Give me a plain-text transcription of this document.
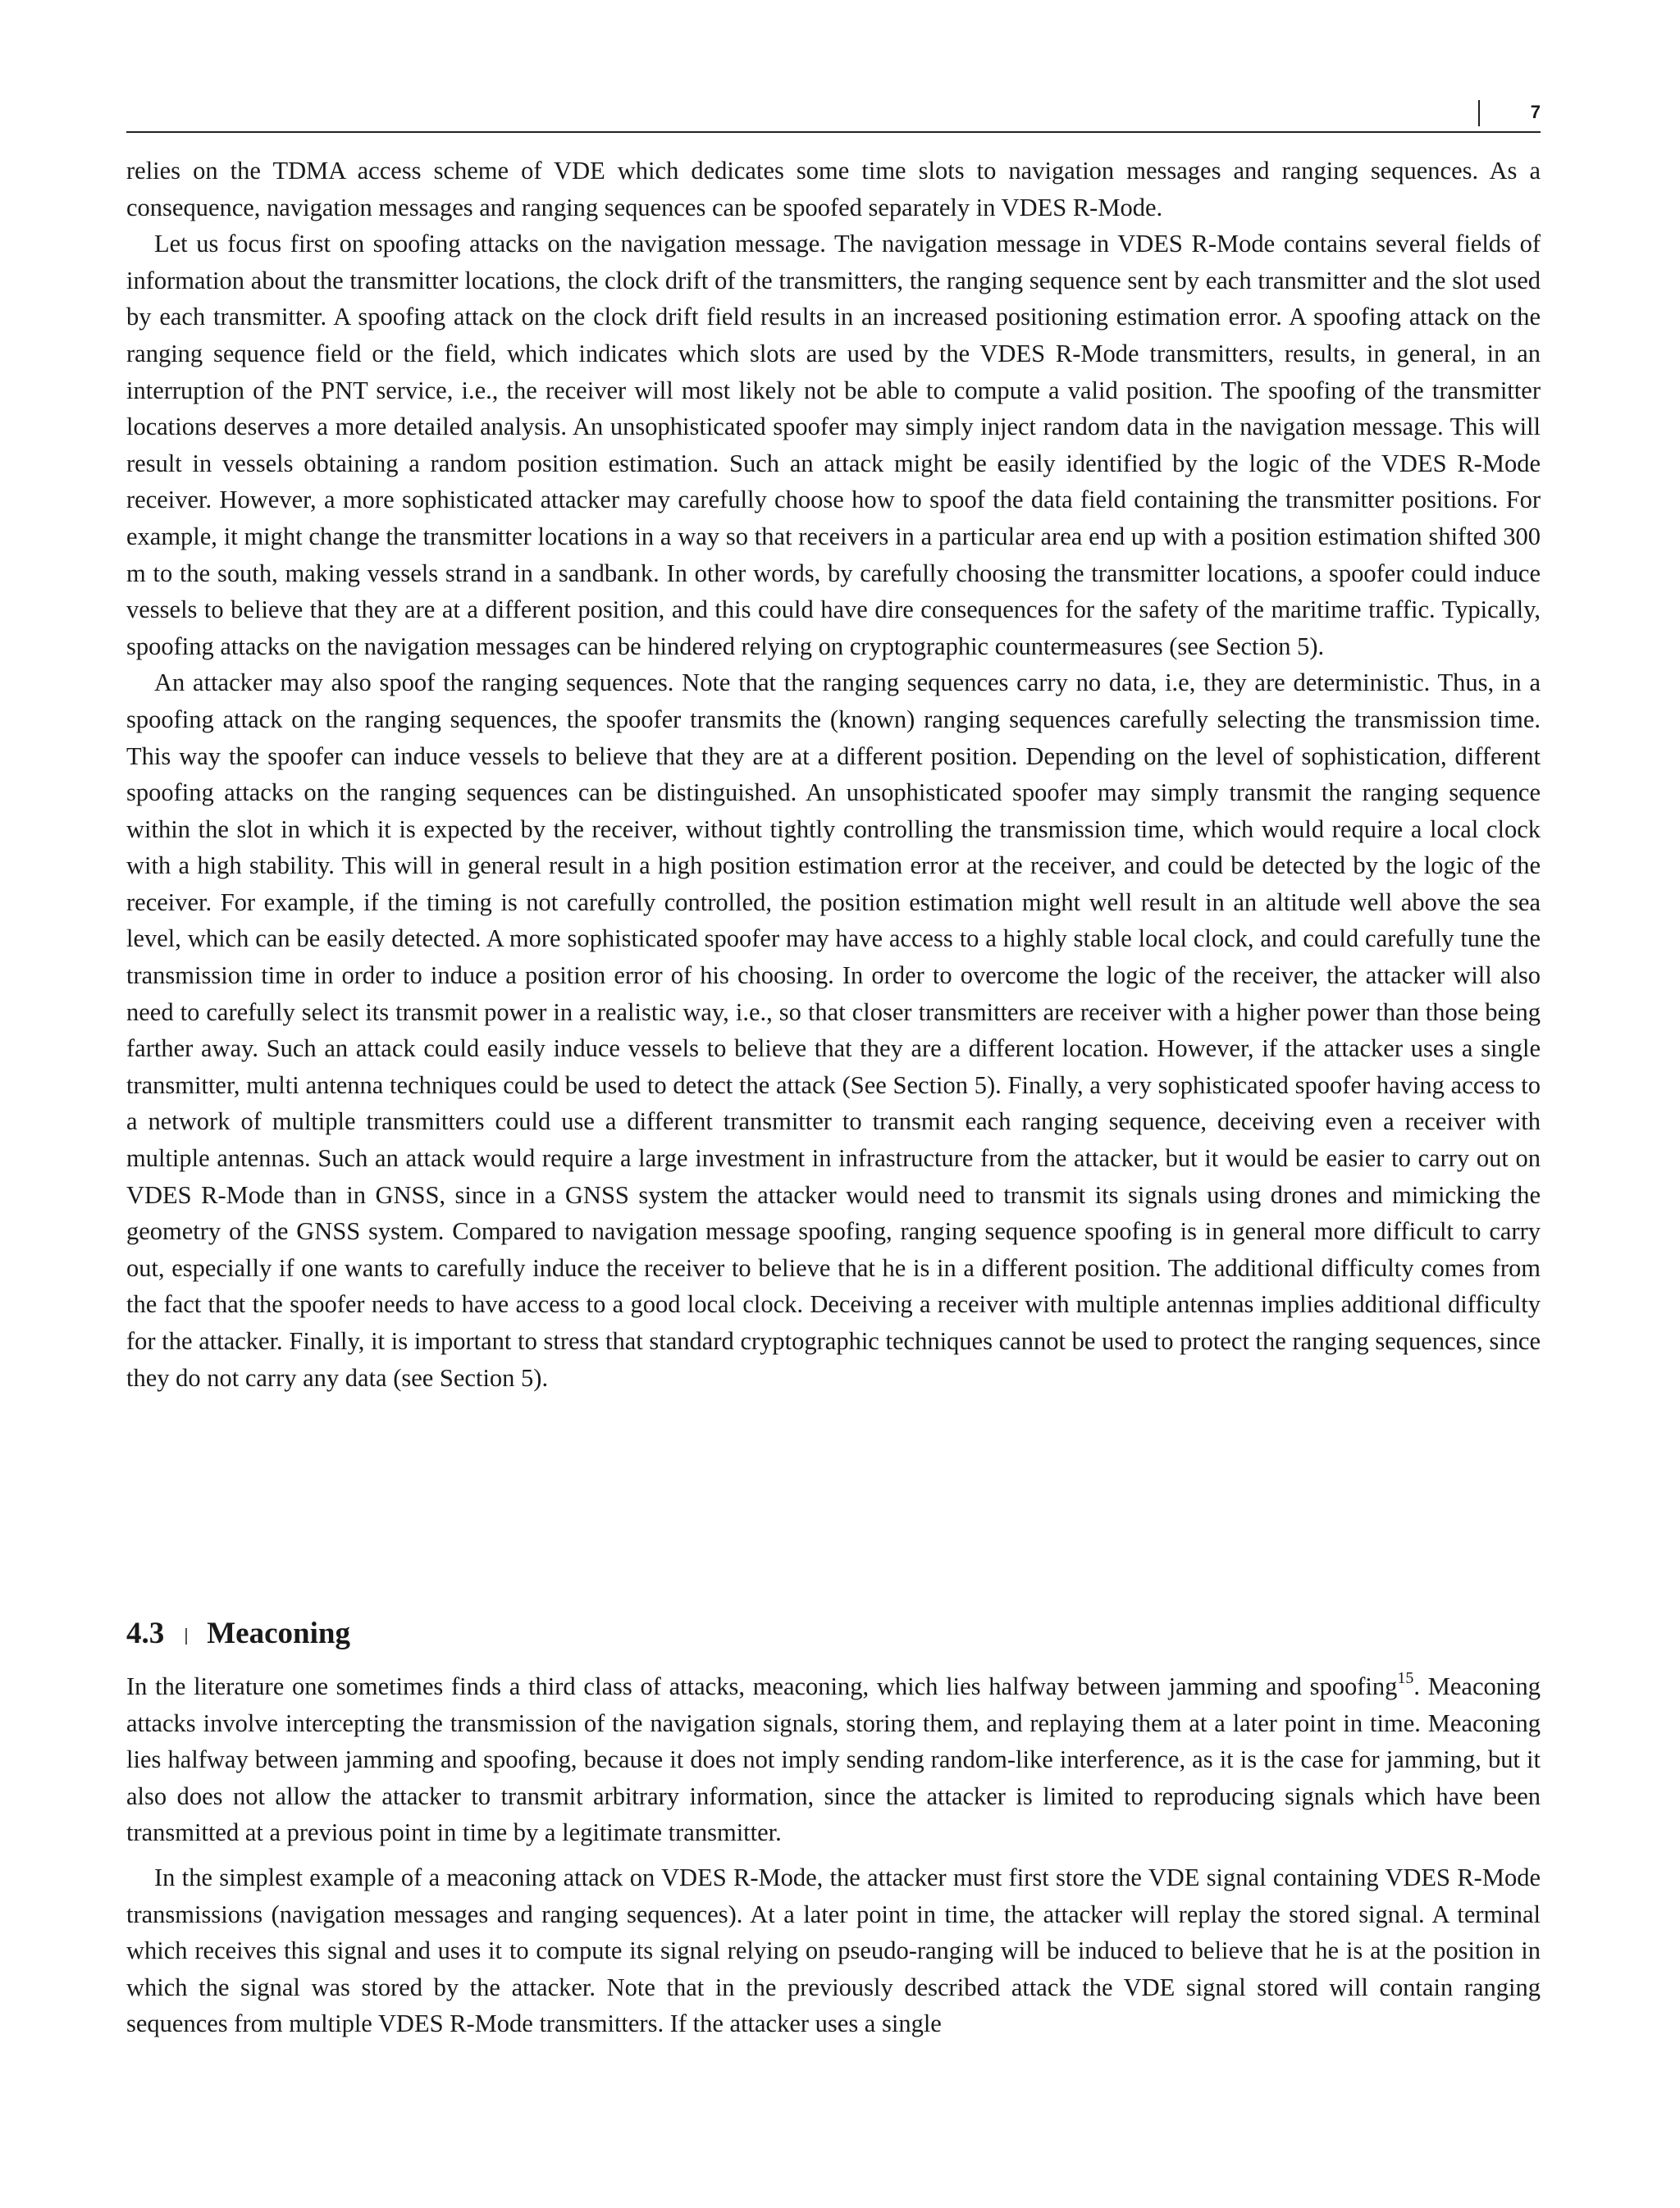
7

relies on the TDMA access scheme of VDE which dedicates some time slots to navigation messages and ranging sequences. As a consequence, navigation messages and ranging sequences can be spoofed separately in VDES R-Mode.

Let us focus first on spoofing attacks on the navigation message. The navigation message in VDES R-Mode contains several fields of information about the transmitter locations, the clock drift of the transmitters, the ranging sequence sent by each transmitter and the slot used by each transmitter. A spoofing attack on the clock drift field results in an increased positioning estimation error. A spoofing attack on the ranging sequence field or the field, which indicates which slots are used by the VDES R-Mode transmitters, results, in general, in an interruption of the PNT service, i.e., the receiver will most likely not be able to compute a valid position. The spoofing of the transmitter locations deserves a more detailed analysis. An unsophisticated spoofer may simply inject random data in the navigation message. This will result in vessels obtaining a random position estimation. Such an attack might be easily identified by the logic of the VDES R-Mode receiver. However, a more sophisticated attacker may carefully choose how to spoof the data field containing the transmitter positions. For example, it might change the transmitter locations in a way so that receivers in a particular area end up with a position estimation shifted 300 m to the south, making vessels strand in a sandbank. In other words, by carefully choosing the transmitter locations, a spoofer could induce vessels to believe that they are at a different position, and this could have dire consequences for the safety of the maritime traffic. Typically, spoofing attacks on the navigation messages can be hindered relying on cryptographic countermeasures (see Section 5).

An attacker may also spoof the ranging sequences. Note that the ranging sequences carry no data, i.e, they are deterministic. Thus, in a spoofing attack on the ranging sequences, the spoofer transmits the (known) ranging sequences carefully selecting the transmission time. This way the spoofer can induce vessels to believe that they are at a different position. Depending on the level of sophistication, different spoofing attacks on the ranging sequences can be distinguished. An unsophisticated spoofer may simply transmit the ranging sequence within the slot in which it is expected by the receiver, without tightly controlling the transmission time, which would require a local clock with a high stability. This will in general result in a high position estimation error at the receiver, and could be detected by the logic of the receiver. For example, if the timing is not carefully controlled, the position estimation might well result in an altitude well above the sea level, which can be easily detected. A more sophisticated spoofer may have access to a highly stable local clock, and could carefully tune the transmission time in order to induce a position error of his choosing. In order to overcome the logic of the receiver, the attacker will also need to carefully select its transmit power in a realistic way, i.e., so that closer transmitters are receiver with a higher power than those being farther away. Such an attack could easily induce vessels to believe that they are a different location. However, if the attacker uses a single transmitter, multi antenna techniques could be used to detect the attack (See Section 5). Finally, a very sophisticated spoofer having access to a network of multiple transmitters could use a different transmitter to transmit each ranging sequence, deceiving even a receiver with multiple antennas. Such an attack would require a large investment in infrastructure from the attacker, but it would be easier to carry out on VDES R-Mode than in GNSS, since in a GNSS system the attacker would need to transmit its signals using drones and mimicking the geometry of the GNSS system. Compared to navigation message spoofing, ranging sequence spoofing is in general more difficult to carry out, especially if one wants to carefully induce the receiver to believe that he is in a different position. The additional difficulty comes from the fact that the spoofer needs to have access to a good local clock. Deceiving a receiver with multiple antennas implies additional difficulty for the attacker. Finally, it is important to stress that standard cryptographic techniques cannot be used to protect the ranging sequences, since they do not carry any data (see Section 5).

4.3 Meaconing

In the literature one sometimes finds a third class of attacks, meaconing, which lies halfway between jamming and spoofing$^{15}$. Meaconing attacks involve intercepting the transmission of the navigation signals, storing them, and replaying them at a later point in time. Meaconing lies halfway between jamming and spoofing, because it does not imply sending random-like interference, as it is the case for jamming, but it also does not allow the attacker to transmit arbitrary information, since the attacker is limited to reproducing signals which have been transmitted at a previous point in time by a legitimate transmitter.

In the simplest example of a meaconing attack on VDES R-Mode, the attacker must first store the VDE signal containing VDES R-Mode transmissions (navigation messages and ranging sequences). At a later point in time, the attacker will replay the stored signal. A terminal which receives this signal and uses it to compute its signal relying on pseudo-ranging will be induced to believe that he is at the position in which the signal was stored by the attacker. Note that in the previously described attack the VDE signal stored will contain ranging sequences from multiple VDES R-Mode transmitters. If the attacker uses a single
